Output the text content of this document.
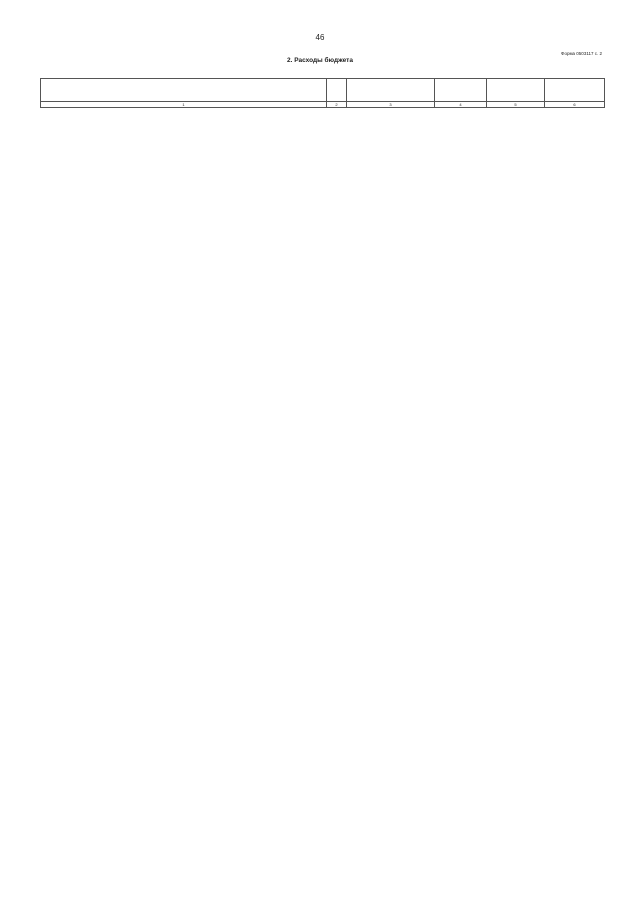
46
Форма 0503117 с. 2
2. Расходы бюджета

1	2	3	4	5	6
